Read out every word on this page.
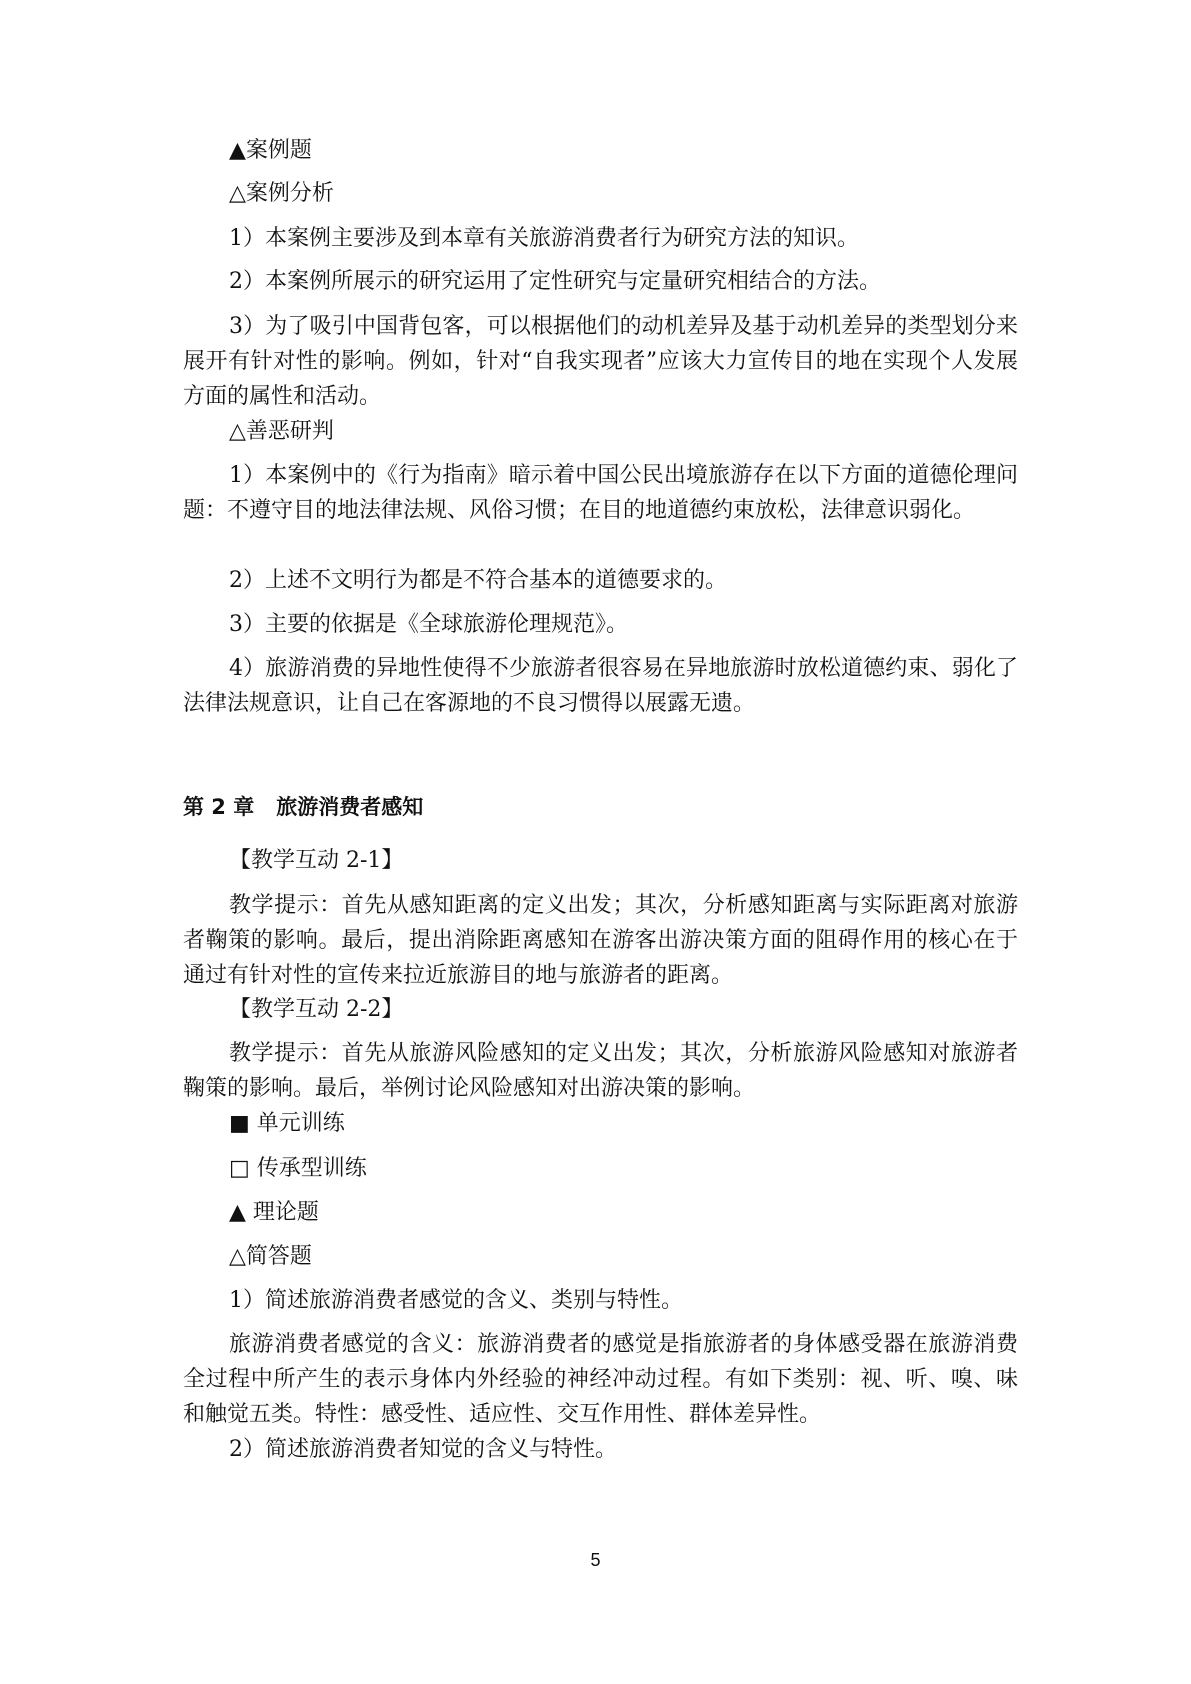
▲案例题
△案例分析
1）本案例主要涉及到本章有关旅游消费者行为研究方法的知识。
2）本案例所展示的研究运用了定性研究与定量研究相结合的方法。
3）为了吸引中国背包客，可以根据他们的动机差异及基于动机差异的类型划分来展开有针对性的影响。例如，针对“自我实现者”应该大力宣传目的地在实现个人发展方面的属性和活动。
△善恶研判
1）本案例中的《行为指南》暗示着中国公民出境旅游存在以下方面的道德伦理问题：不遵守目的地法律法规、风俗习惯；在目的地道德约束放松，法律意识弱化。
2）上述不文明行为都是不符合基本的道德要求的。
3）主要的依据是《全球旅游伦理规范》。
4）旅游消费的异地性使得不少旅游者很容易在异地旅游时放松道德约束、弱化了法律法规意识，让自己在客源地的不良习惯得以展露无遗。
第 2 章 旅游消费者感知
【教学互动 2-1】
教学提示：首先从感知距离的定义出发；其次，分析感知距离与实际距离对旅游者鞠策的影响。最后，提出消除距离感知在游客出游决策方面的阻碍作用的核心在于通过有针对性的宣传来拉近旅游目的地与旅游者的距离。
【教学互动 2-2】
教学提示：首先从旅游风险感知的定义出发；其次，分析旅游风险感知对旅游者鞠策的影响。最后，举例讨论风险感知对出游决策的影响。
■ 单元训练
□ 传承型训练
▲ 理论题
△简答题
1）简述旅游消费者感觉的含义、类别与特性。
旅游消费者感觉的含义：旅游消费者的感觉是指旅游者的身体感受器在旅游消费全过程中所产生的表示身体内外经验的神经冲动过程。有如下类别：视、听、嗅、味和触觉五类。特性：感受性、适应性、交互作用性、群体差异性。
2）简述旅游消费者知觉的含义与特性。
5
